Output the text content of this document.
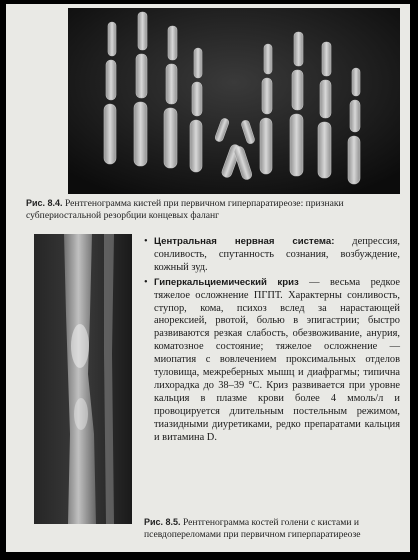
Рис. 8.4. Рентгенограмма кистей при первичном гиперпаратиреозе: признаки субпериостальной резорбции концевых фаланг

• Центральная нервная система: депрессия, сонливость, спутанность сознания, возбуждение, кожный зуд.

• Гиперкальциемический криз — весьма редкое тяжелое осложнение ПГПТ. Характерны сонливость, ступор, кома, психоз вслед за нарастающей анорексией, рвотой, болью в эпигастрии; быстро развиваются резкая слабость, обезвоживание, анурия, коматозное состояние; тяжелое осложнение — миопатия с вовлечением проксимальных отделов туловища, межреберных мышц и диафрагмы; типична лихорадка до 38–39 °С. Криз развивается при уровне кальция в плазме крови более 4 ммоль/л и провоцируется длительным постельным режимом, тиазидными диуретиками, редко препаратами кальция и витамина D.

Рис. 8.5. Рентгенограмма костей голени с кистами и псевдопереломами при первичном гиперпаратиреозе
